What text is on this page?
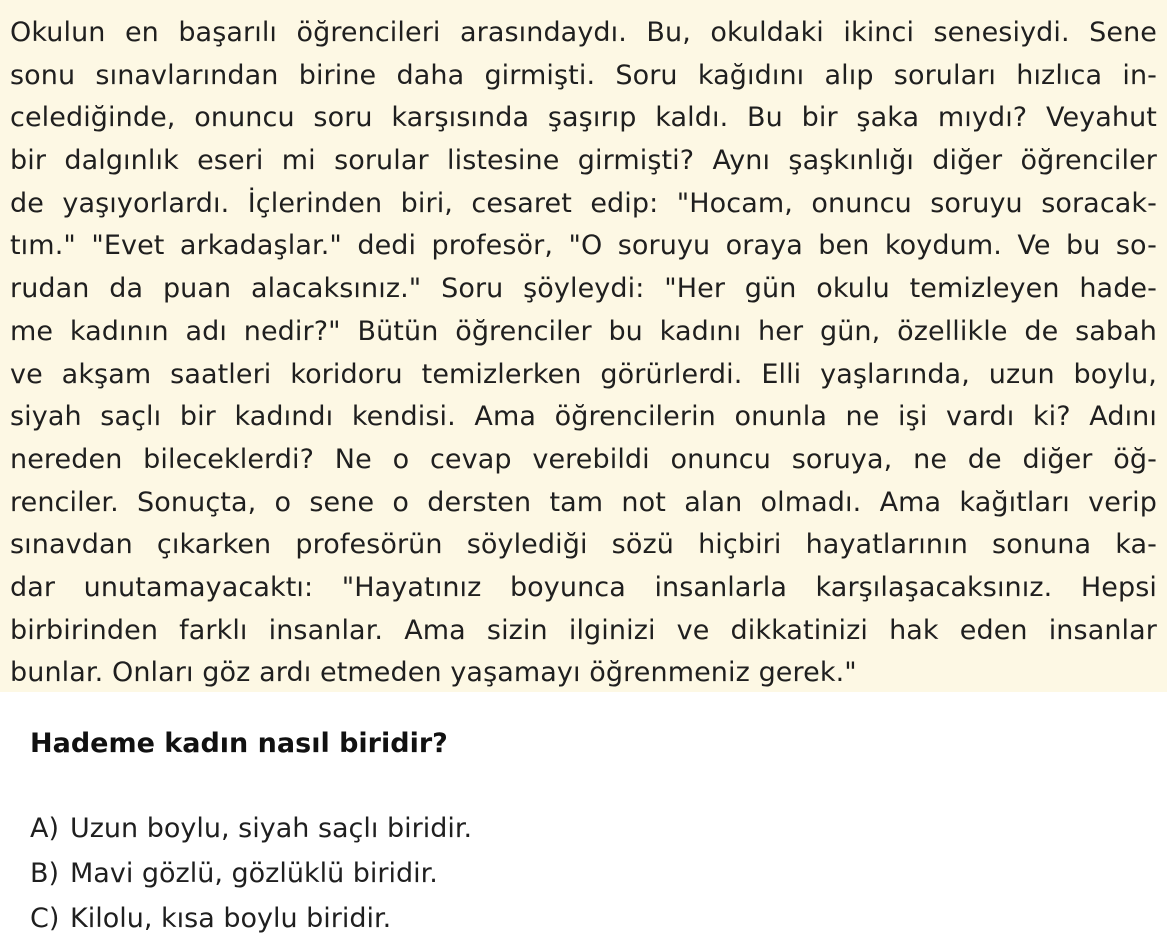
Okulun en başarılı öğrencileri arasındaydı. Bu, okuldaki ikinci senesiydi. Sene
sonu sınavlarından birine daha girmişti. Soru kağıdını alıp soruları hızlıca in-
celediğinde, onuncu soru karşısında şaşırıp kaldı. Bu bir şaka mıydı? Veyahut
bir dalgınlık eseri mi sorular listesine girmişti? Aynı şaşkınlığı diğer öğrenciler
de yaşıyorlardı. İçlerinden biri, cesaret edip: "Hocam, onuncu soruyu soracak-
tım." "Evet arkadaşlar." dedi profesör, "O soruyu oraya ben koydum. Ve bu so-
rudan da puan alacaksınız." Soru şöyleydi: "Her gün okulu temizleyen hade-
me kadının adı nedir?" Bütün öğrenciler bu kadını her gün, özellikle de sabah
ve akşam saatleri koridoru temizlerken görürlerdi. Elli yaşlarında, uzun boylu,
siyah saçlı bir kadındı kendisi. Ama öğrencilerin onunla ne işi vardı ki? Adını
nereden bileceklerdi? Ne o cevap verebildi onuncu soruya, ne de diğer öğ-
renciler. Sonuçta, o sene o dersten tam not alan olmadı. Ama kağıtları verip
sınavdan çıkarken profesörün söylediği sözü hiçbiri hayatlarının sonuna ka-
dar unutamayacaktı: "Hayatınız boyunca insanlarla karşılaşacaksınız. Hepsi
birbirinden farklı insanlar. Ama sizin ilginizi ve dikkatinizi hak eden insanlar
bunlar. Onları göz ardı etmeden yaşamayı öğrenmeniz gerek."
Hademe kadın nasıl biridir?
A) Uzun boylu, siyah saçlı biridir.
B) Mavi gözlü, gözlüklü biridir.
C) Kilolu, kısa boylu biridir.
